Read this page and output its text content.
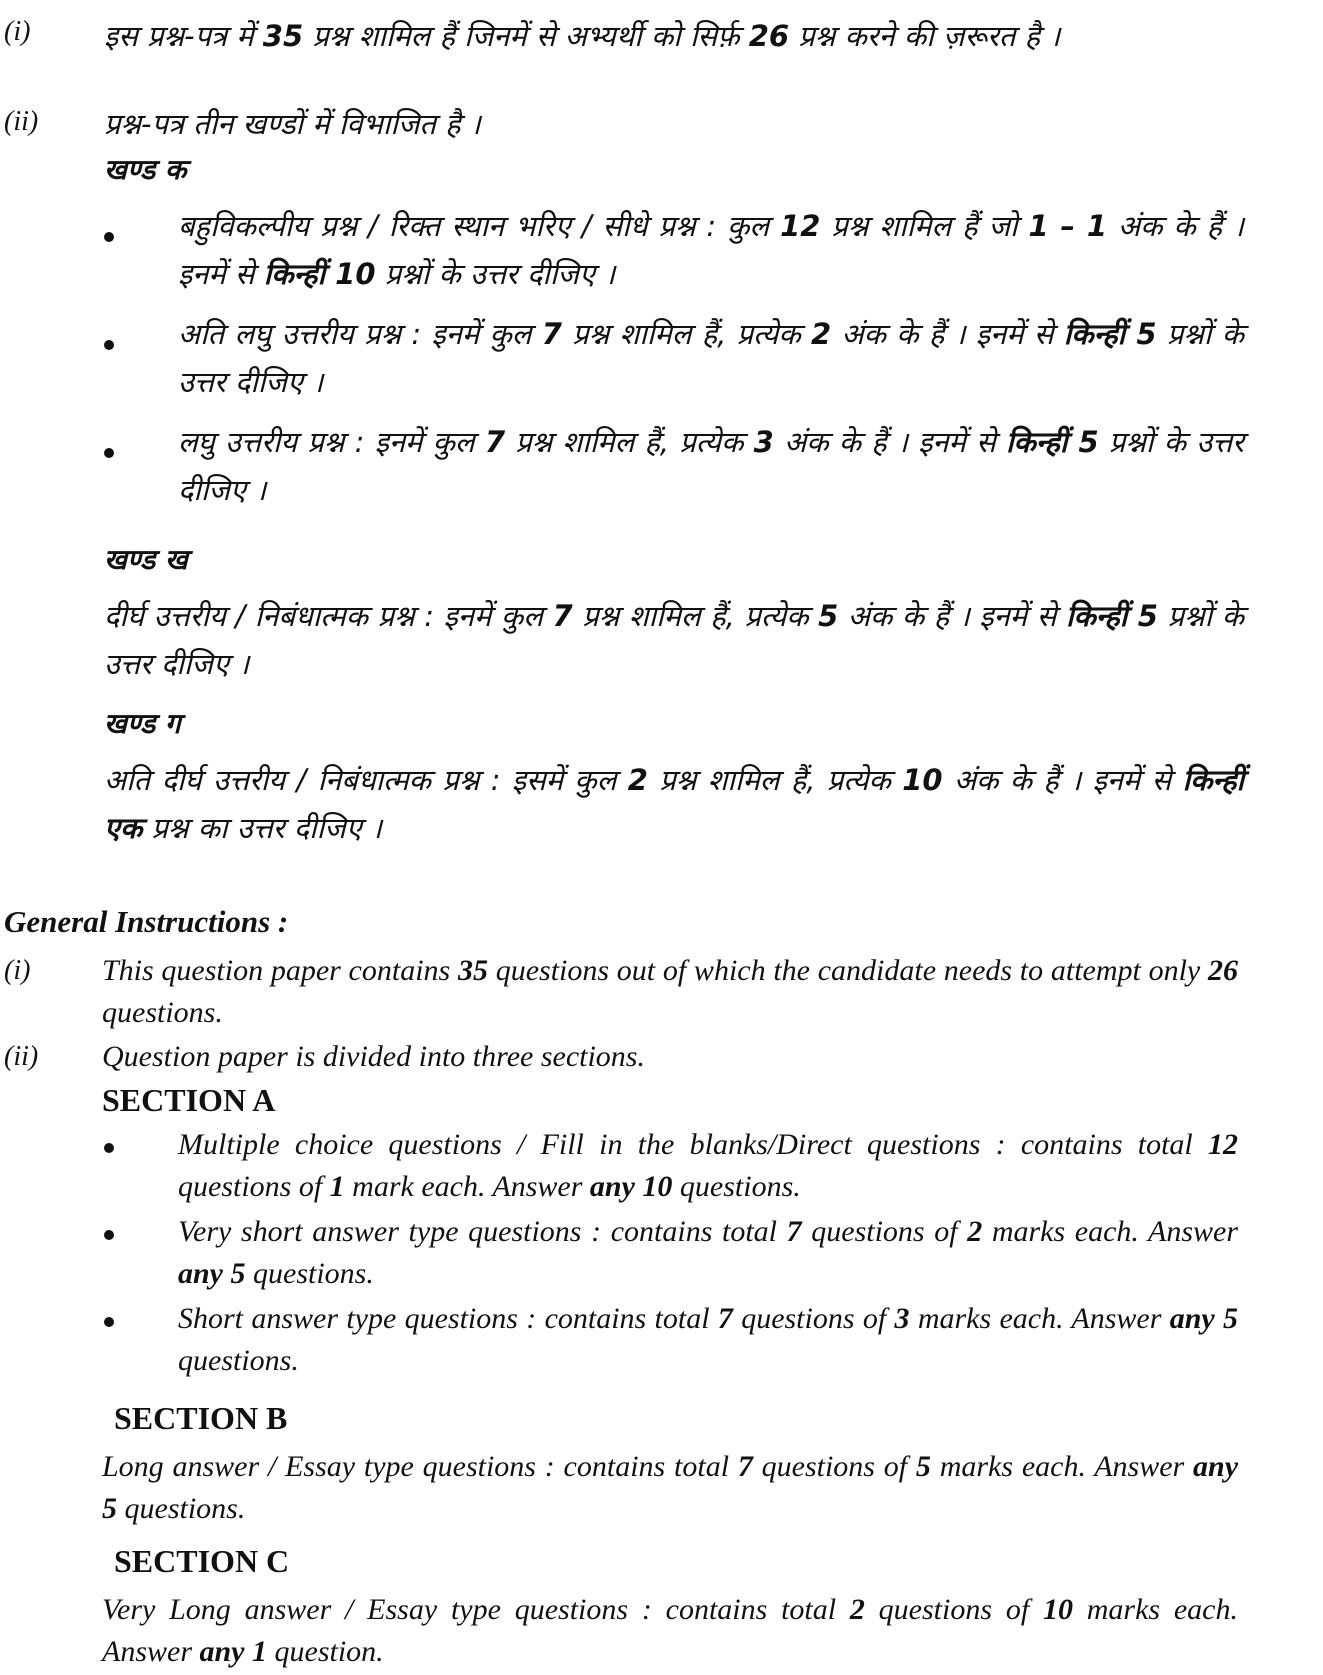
(i)	इस प्रश्न-पत्र में 35 प्रश्न शामिल हैं जिनमें से अभ्यर्थी को सिर्फ़ 26 प्रश्न करने की ज़रूरत है ।
(ii) प्रश्न-पत्र तीन खण्डों में विभाजित है ।
खण्ड क
बहुविकल्पीय प्रश्न / रिक्त स्थान भरिए / सीधे प्रश्न : कुल 12 प्रश्न शामिल हैं जो 1 – 1 अंक के हैं । इनमें से किन्हीं 10 प्रश्नों के उत्तर दीजिए ।
अति लघु उत्तरीय प्रश्न : इनमें कुल 7 प्रश्न शामिल हैं, प्रत्येक 2 अंक के हैं । इनमें से किन्हीं 5 प्रश्नों के उत्तर दीजिए ।
लघु उत्तरीय प्रश्न : इनमें कुल 7 प्रश्न शामिल हैं, प्रत्येक 3 अंक के हैं । इनमें से किन्हीं 5 प्रश्नों के उत्तर दीजिए ।
खण्ड ख
दीर्घ उत्तरीय / निबंधात्मक प्रश्न : इनमें कुल 7 प्रश्न शामिल हैं, प्रत्येक 5 अंक के हैं । इनमें से किन्हीं 5 प्रश्नों के उत्तर दीजिए ।
खण्ड ग
अति दीर्घ उत्तरीय / निबंधात्मक प्रश्न : इसमें कुल 2 प्रश्न शामिल हैं, प्रत्येक 10 अंक के हैं । इनमें से किन्हीं एक प्रश्न का उत्तर दीजिए ।
General Instructions :
(i) This question paper contains 35 questions out of which the candidate needs to attempt only 26 questions.
(ii) Question paper is divided into three sections.
SECTION A
Multiple choice questions / Fill in the blanks/Direct questions : contains total 12 questions of 1 mark each. Answer any 10 questions.
Very short answer type questions : contains total 7 questions of 2 marks each. Answer any 5 questions.
Short answer type questions : contains total 7 questions of 3 marks each. Answer any 5 questions.
SECTION B
Long answer / Essay type questions : contains total 7 questions of 5 marks each. Answer any 5 questions.
SECTION C
Very Long answer / Essay type questions : contains total 2 questions of 10 marks each. Answer any 1 question.
